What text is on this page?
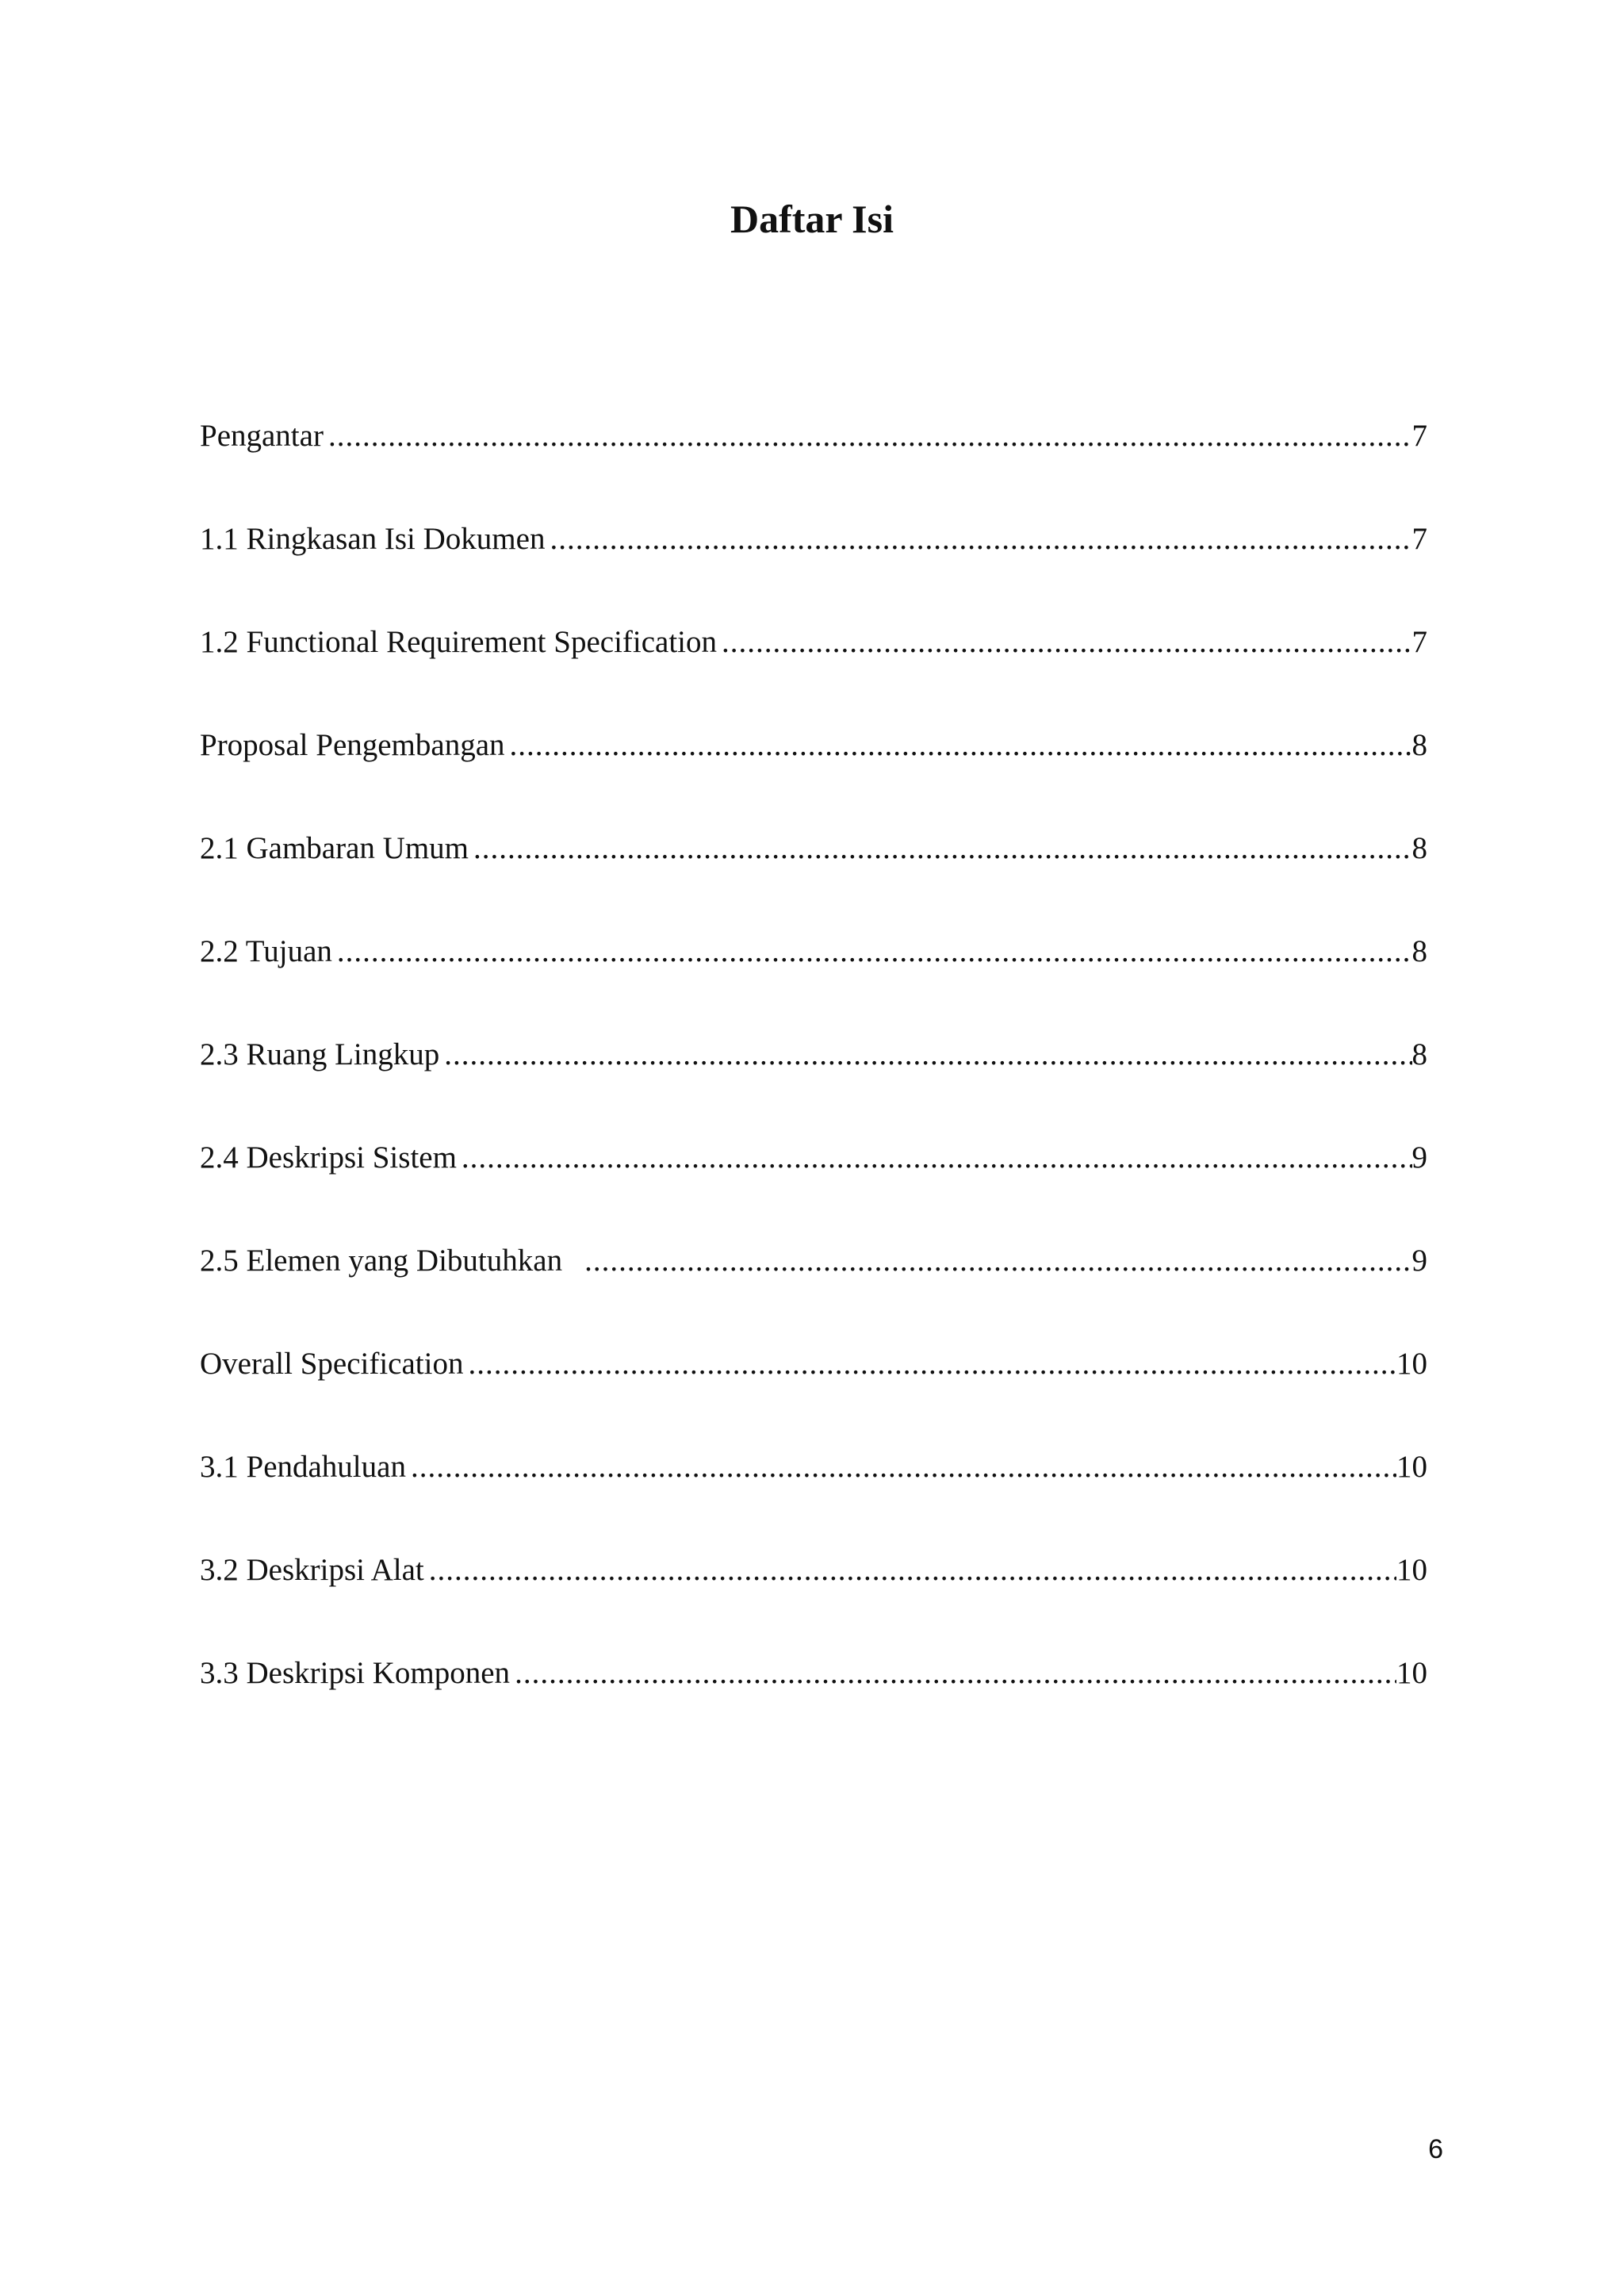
Daftar Isi
Pengantar .....	7
1.1 Ringkasan Isi Dokumen .....	7
1.2 Functional Requirement Specification .....	7
Proposal Pengembangan .....	8
2.1 Gambaran Umum .....	8
2.2 Tujuan .....	8
2.3 Ruang Lingkup .....	8
2.4 Deskripsi Sistem .....	9
2.5 Elemen yang Dibutuhkan .....	9
Overall Specification .....	10
3.1 Pendahuluan .....	10
3.2 Deskripsi Alat .....	10
3.3 Deskripsi Komponen .....	10
6
